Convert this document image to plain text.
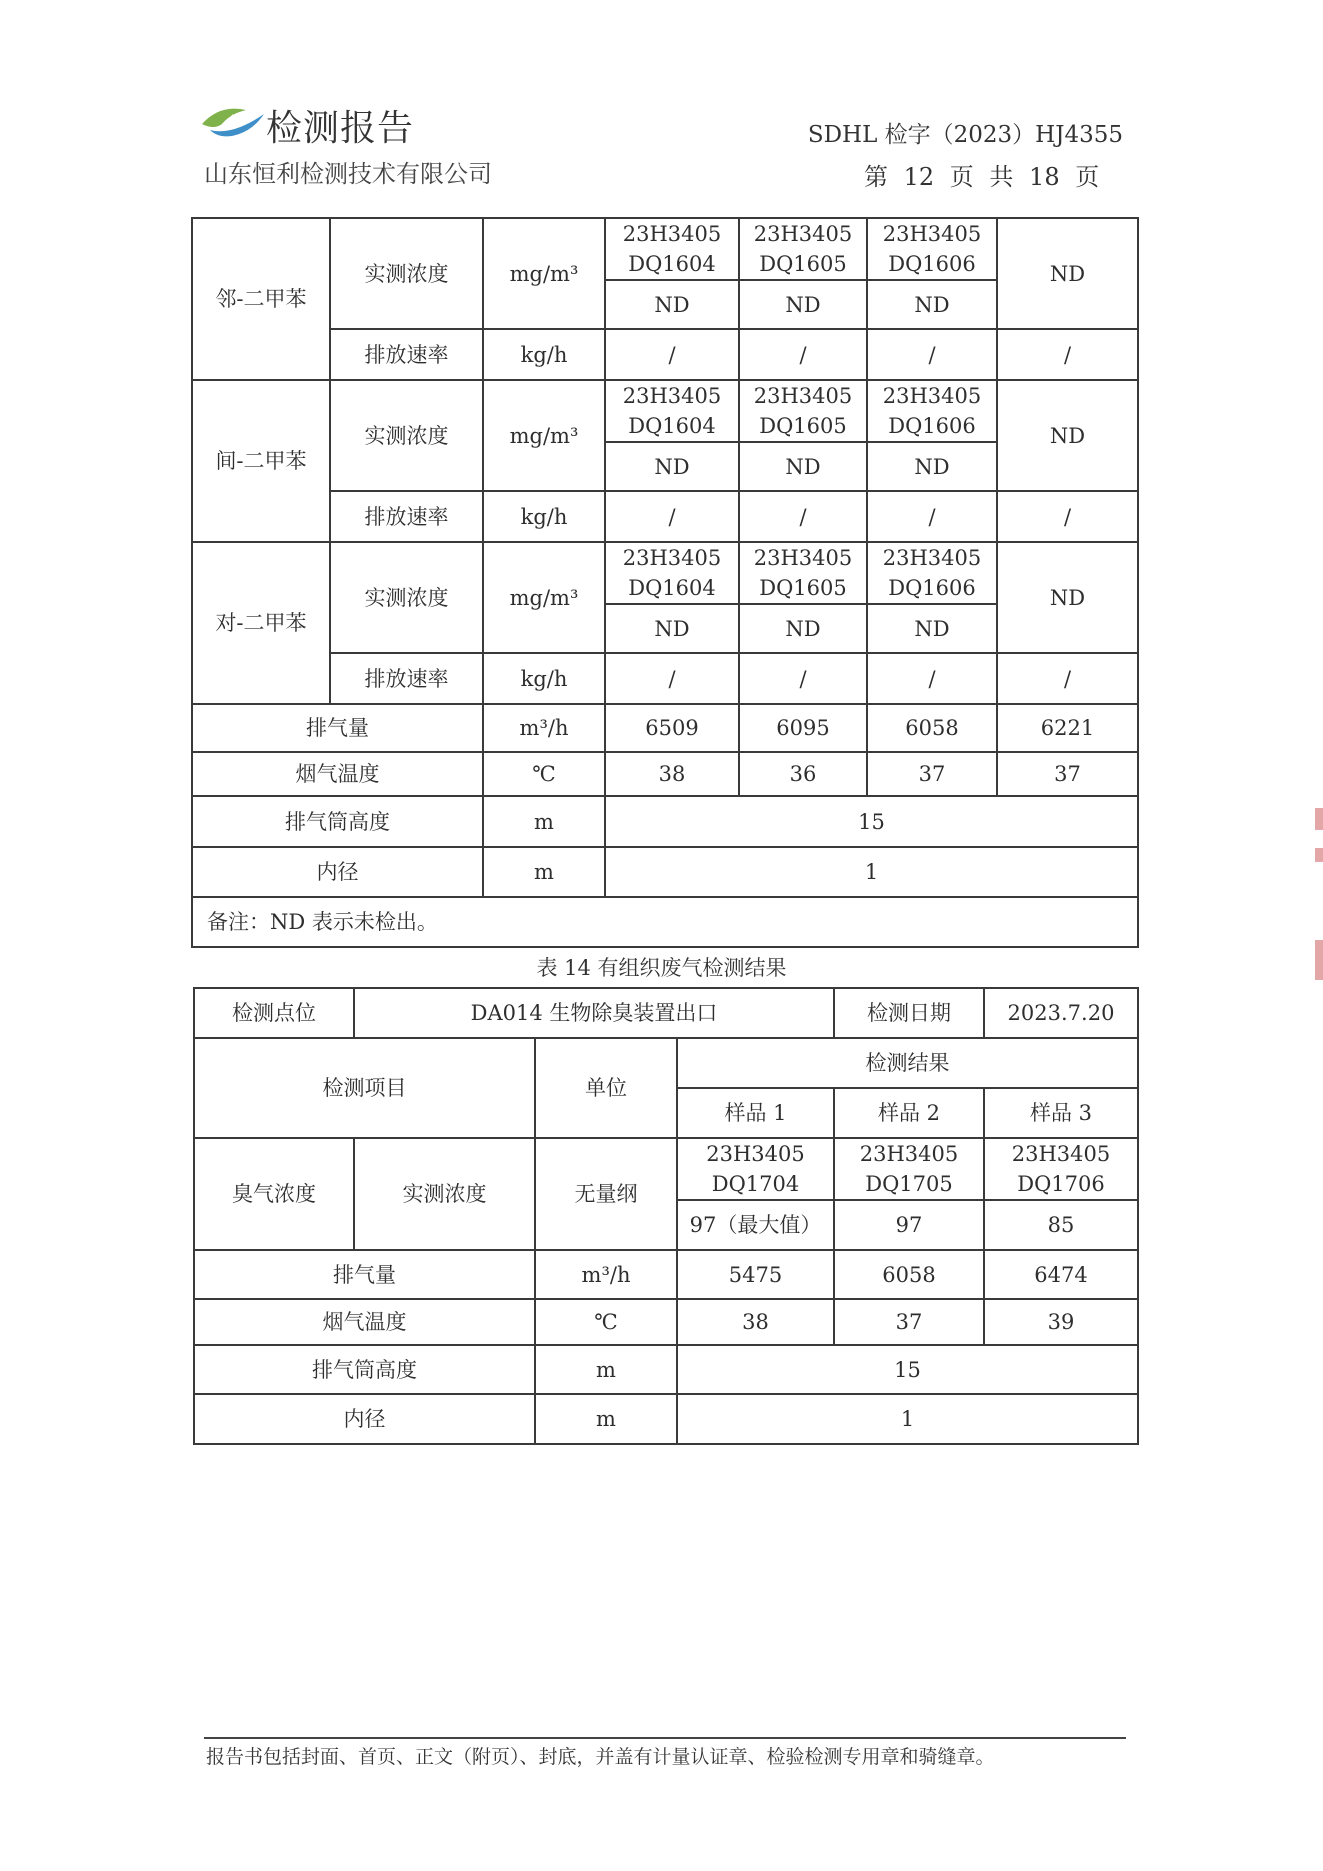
检测报告
山东恒利检测技术有限公司
SDHL 检字（2023）HJ4355
第 12 页 共 18 页
邻-二甲苯	实测浓度	mg/m³	23H3405 DQ1604	23H3405 DQ1605	23H3405 DQ1606	ND
			ND	ND	ND	
	排放速率	kg/h	/	/	/	/
间-二甲苯	实测浓度	mg/m³	23H3405 DQ1604	23H3405 DQ1605	23H3405 DQ1606	ND
			ND	ND	ND	
	排放速率	kg/h	/	/	/	/
对-二甲苯	实测浓度	mg/m³	23H3405 DQ1604	23H3405 DQ1605	23H3405 DQ1606	ND
			ND	ND	ND	
	排放速率	kg/h	/	/	/	/
排气量		m³/h	6509	6095	6058	6221
烟气温度		℃	38	36	37	37
排气筒高度		m	15			
内径		m	1			
备注：ND 表示未检出。						
表 14 有组织废气检测结果
检测点位	DA014 生物除臭装置出口			检测日期	2023.7.20
检测项目		单位	检测结果		
			样品 1	样品 2	样品 3
臭气浓度	实测浓度	无量纲	23H3405 DQ1704	23H3405 DQ1705	23H3405 DQ1706
			97（最大值）	97	85
排气量		m³/h	5475	6058	6474
烟气温度		℃	38	37	39
排气筒高度		m	15		
内径		m	1		
报告书包括封面、首页、正文（附页）、封底，并盖有计量认证章、检验检测专用章和骑缝章。
